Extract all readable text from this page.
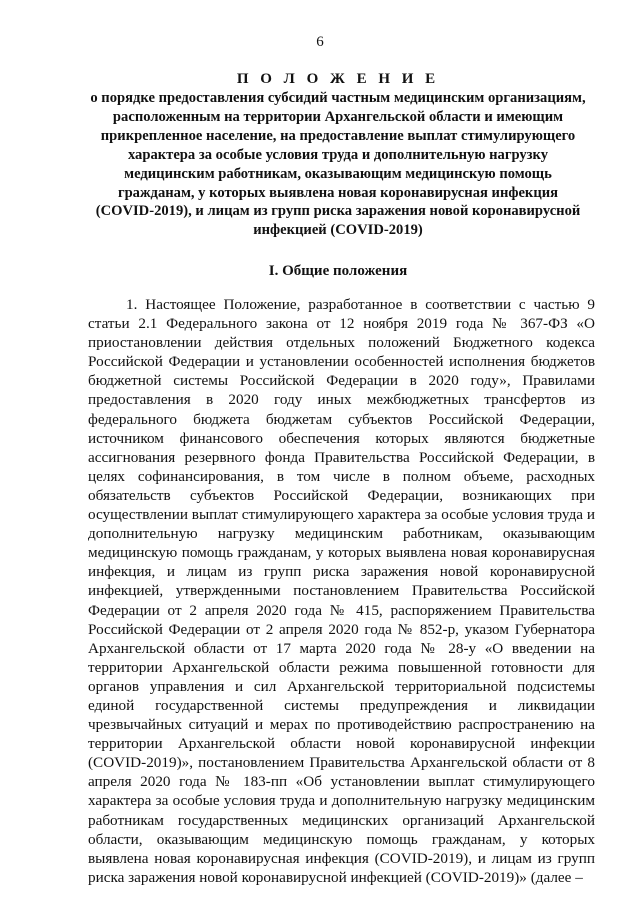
6
П О Л О Ж Е Н И Е
о порядке предоставления субсидий частным медицинским организациям, расположенным на территории Архангельской области и имеющим прикрепленное население, на предоставление выплат стимулирующего характера за особые условия труда и дополнительную нагрузку медицинским работникам, оказывающим медицинскую помощь гражданам, у которых выявлена новая коронавирусная инфекция (COVID-2019), и лицам из групп риска заражения новой коронавирусной инфекцией (COVID-2019)
I. Общие положения

1. Настоящее Положение, разработанное в соответствии с частью 9 статьи 2.1 Федерального закона от 12 ноября 2019 года № 367-ФЗ «О приостановлении действия отдельных положений Бюджетного кодекса Российской Федерации и установлении особенностей исполнения бюджетов бюджетной системы Российской Федерации в 2020 году», Правилами предоставления в 2020 году иных межбюджетных трансфертов из федерального бюджета бюджетам субъектов Российской Федерации, источником финансового обеспечения которых являются бюджетные ассигнования резервного фонда Правительства Российской Федерации, в целях софинансирования, в том числе в полном объеме, расходных обязательств субъектов Российской Федерации, возникающих при осуществлении выплат стимулирующего характера за особые условия труда и дополнительную нагрузку медицинским работникам, оказывающим медицинскую помощь гражданам, у которых выявлена новая коронавирусная инфекция, и лицам из групп риска заражения новой коронавирусной инфекцией, утвержденными постановлением Правительства Российской Федерации от 2 апреля 2020 года № 415, распоряжением Правительства Российской Федерации от 2 апреля 2020 года № 852-р, указом Губернатора Архангельской области от 17 марта 2020 года № 28-у «О введении на территории Архангельской области режима повышенной готовности для органов управления и сил Архангельской территориальной подсистемы единой государственной системы предупреждения и ликвидации чрезвычайных ситуаций и мерах по противодействию распространению на территории Архангельской области новой коронавирусной инфекции (COVID-2019)», постановлением Правительства Архангельской области от 8 апреля 2020 года № 183-пп «Об установлении выплат стимулирующего характера за особые условия труда и дополнительную нагрузку медицинским работникам государственных медицинских организаций Архангельской области, оказывающим медицинскую помощь гражданам, у которых выявлена новая коронавирусная инфекция (COVID-2019), и лицам из групп риска заражения новой коронавирусной инфекцией (COVID-2019)» (далее –
